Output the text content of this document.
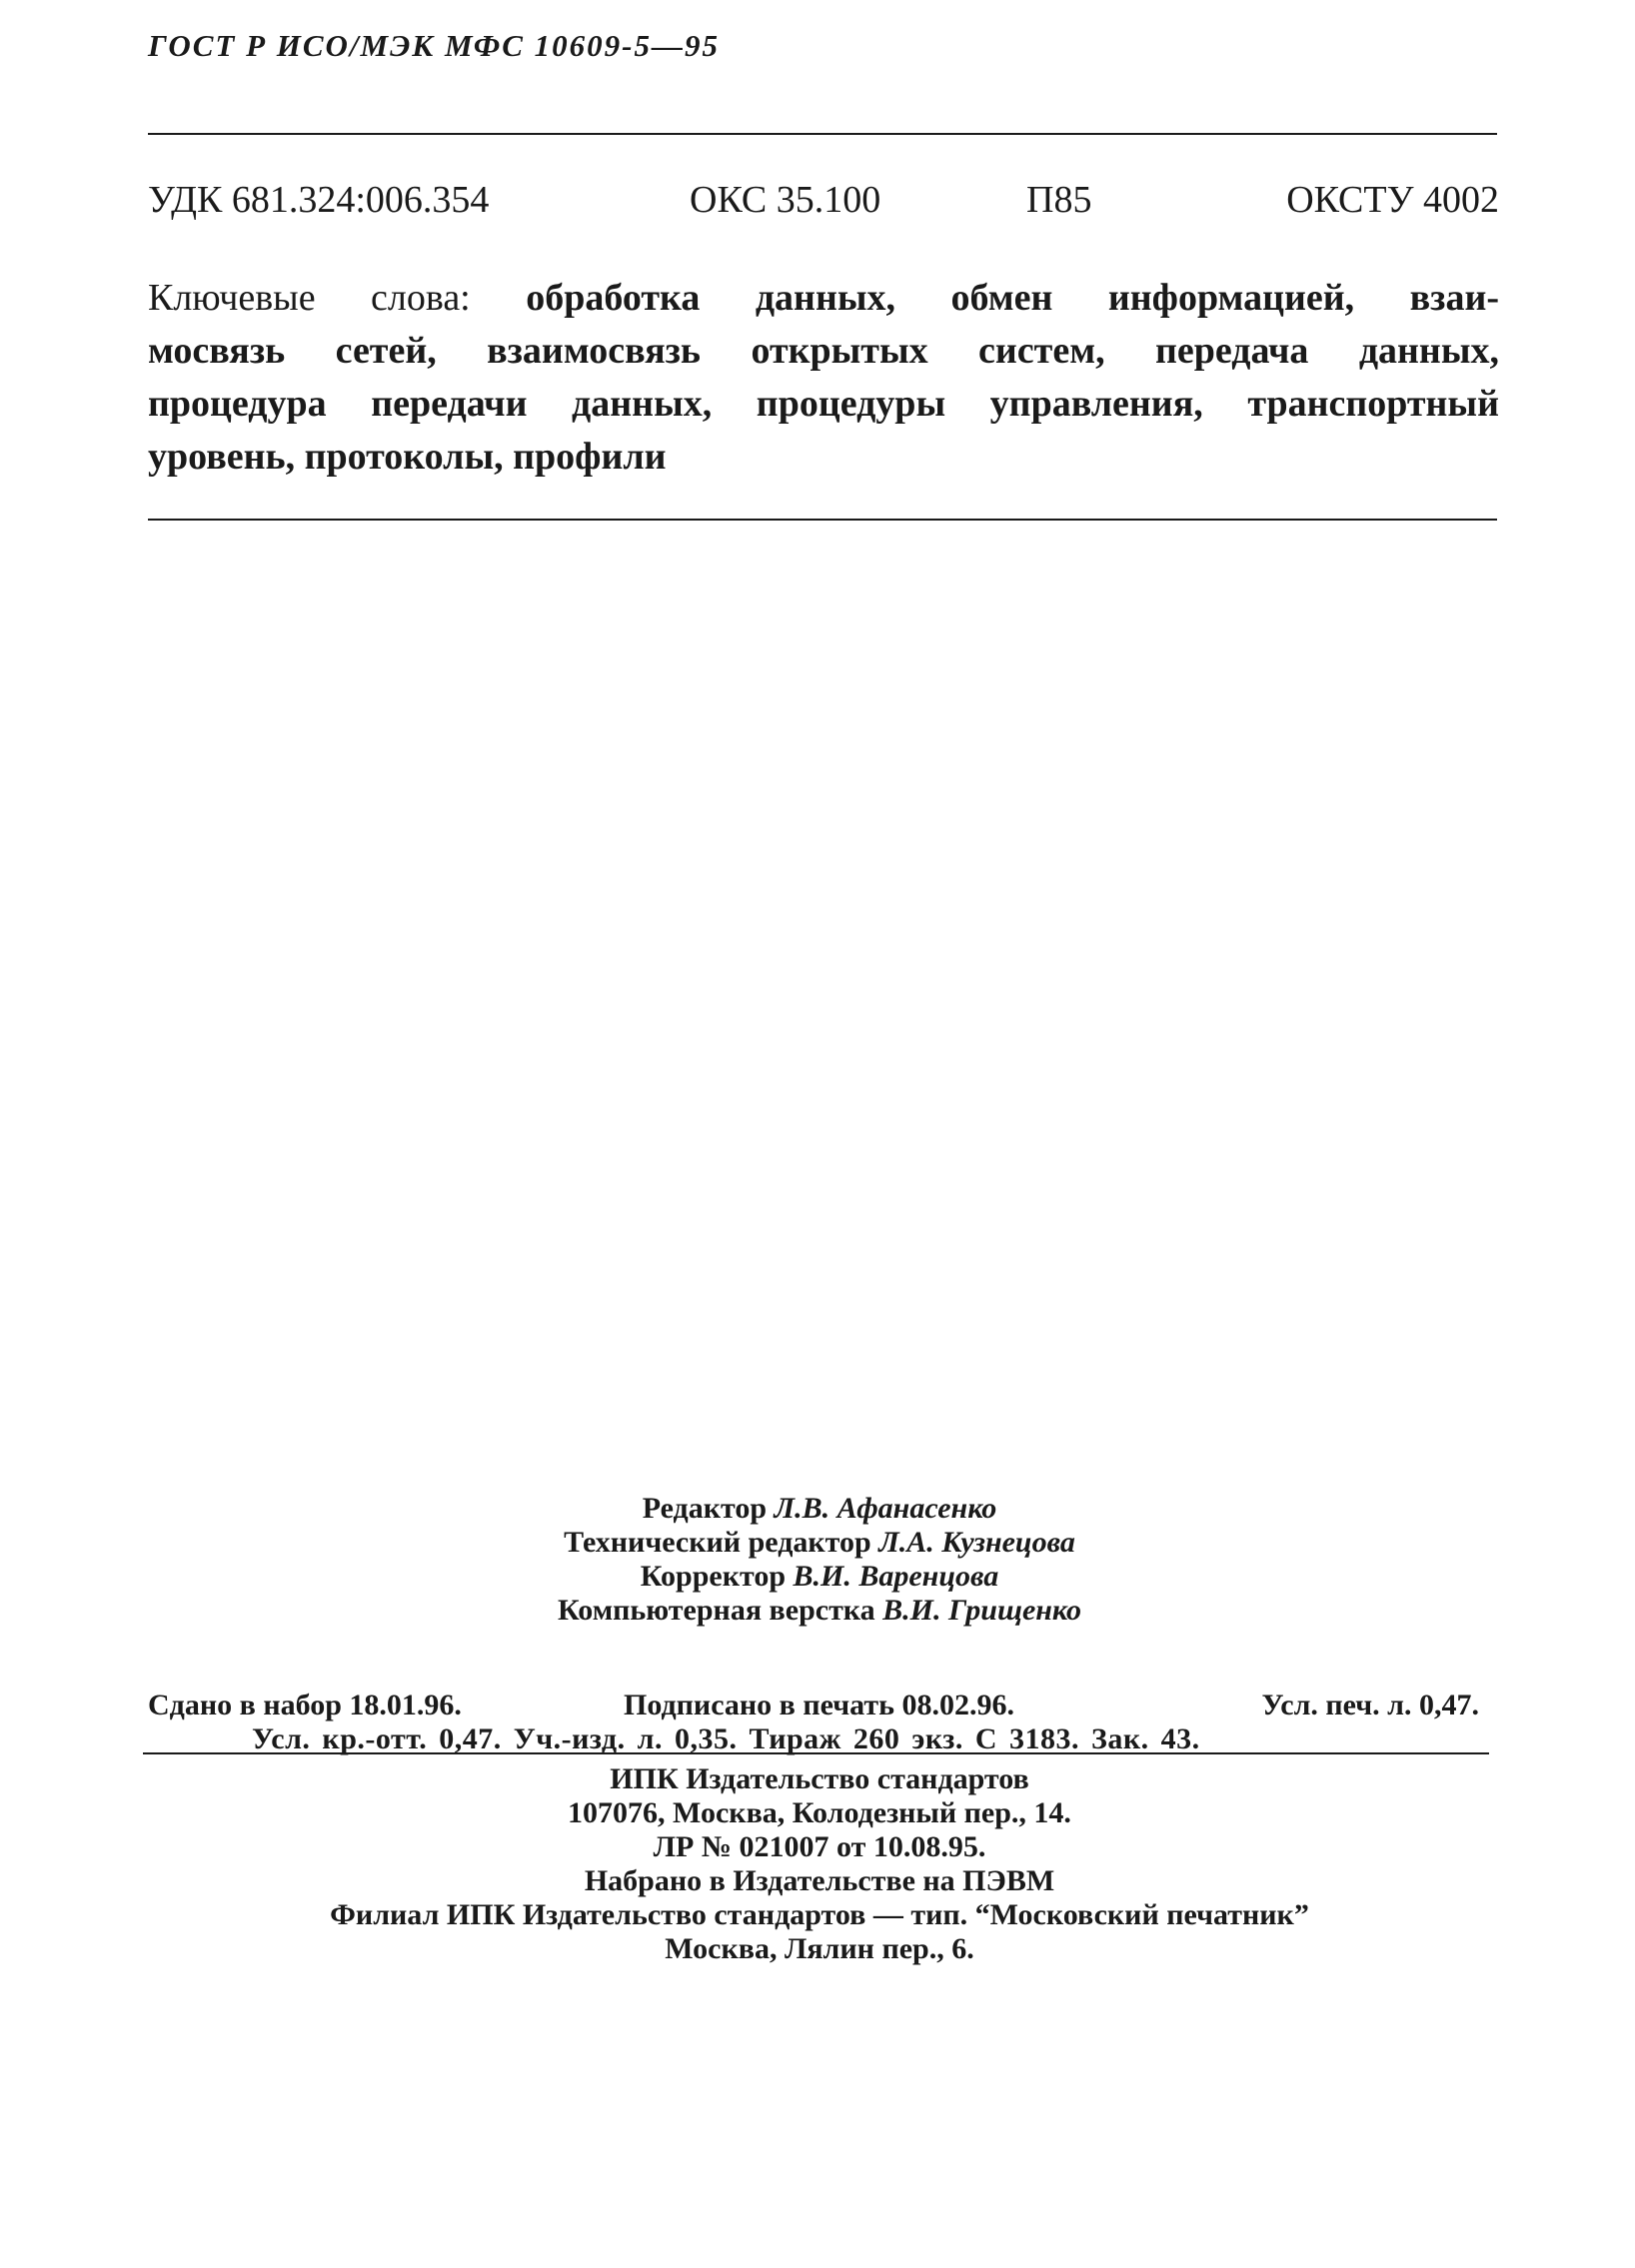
ГОСТ Р ИСО/МЭК МФС 10609-5—95
УДК 681.324:006.354	ОКС 35.100	П85	ОКСТУ 4002
Ключевые слова: обработка данных, обмен информацией, взаи-
мосвязь сетей, взаимосвязь открытых систем, передача данных,
процедура передачи данных, процедуры управления, транспортный
уровень, протоколы, профили
Редактор Л.В. Афанасенко
Технический редактор Л.А. Кузнецова
Корректор В.И. Варенцова
Компьютерная верстка В.И. Грищенко
Сдано в набор 18.01.96.	Подписано в печать 08.02.96.	Усл. печ. л. 0,47.
Усл. кр.-отт. 0,47. Уч.-изд. л. 0,35. Тираж 260 экз. С 3183. Зак. 43.
ИПК Издательство стандартов
107076, Москва, Колодезный пер., 14.
ЛР № 021007 от 10.08.95.
Набрано в Издательстве на ПЭВМ
Филиал ИПК Издательство стандартов — тип. “Московский печатник”
Москва, Лялин пер., 6.
